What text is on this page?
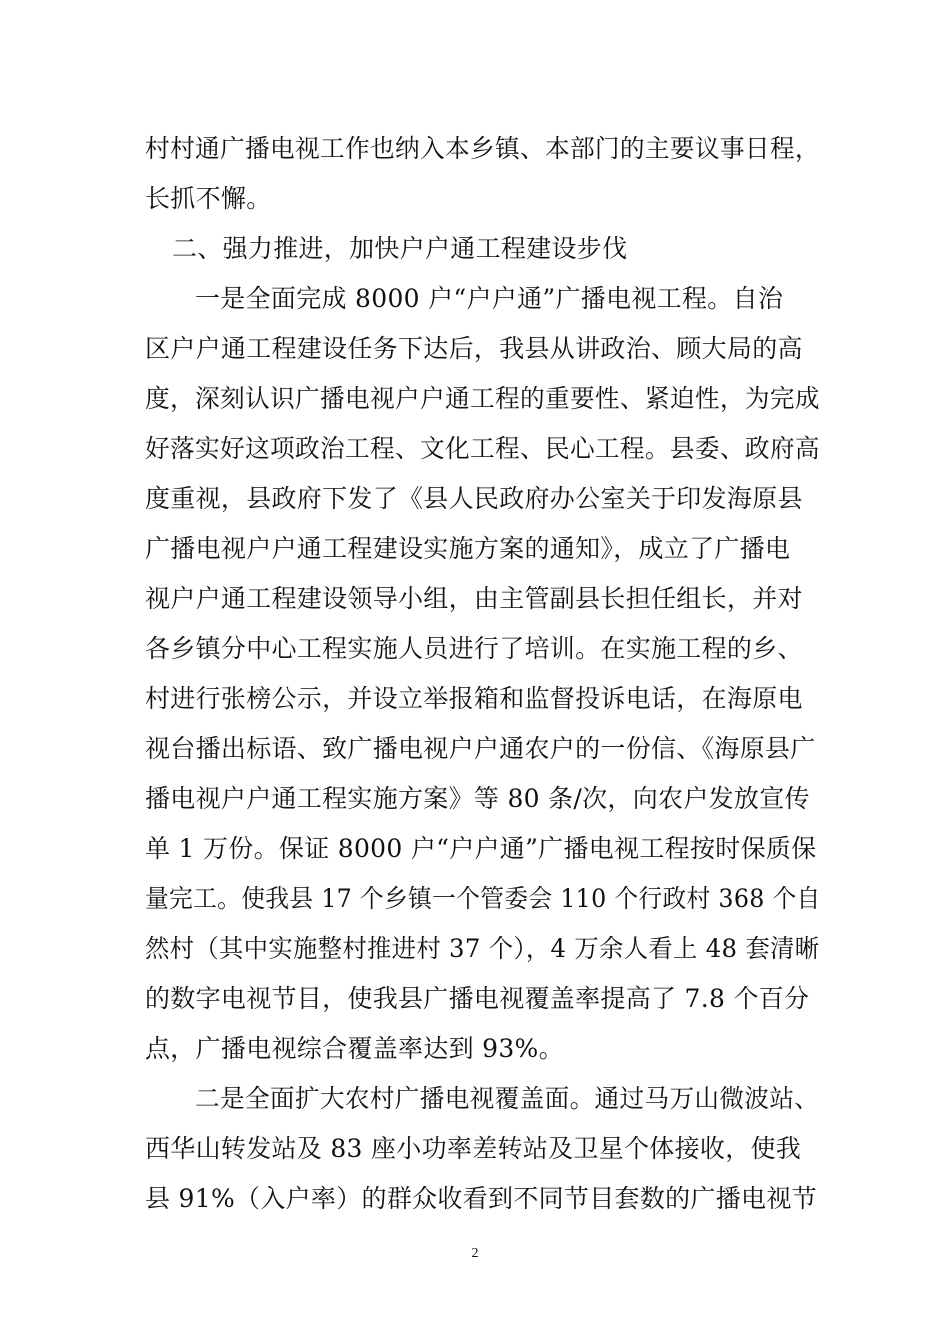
村村通广播电视工作也纳入本乡镇、本部门的主要议事日程，
长抓不懈。
二、强力推进，加快户户通工程建设步伐
一是全面完成 8000 户“户户通”广播电视工程。自治
区户户通工程建设任务下达后，我县从讲政治、顾大局的高
度，深刻认识广播电视户户通工程的重要性、紧迫性，为完成
好落实好这项政治工程、文化工程、民心工程。县委、政府高
度重视，县政府下发了《县人民政府办公室关于印发海原县
广播电视户户通工程建设实施方案的通知》，成立了广播电
视户户通工程建设领导小组，由主管副县长担任组长，并对
各乡镇分中心工程实施人员进行了培训。在实施工程的乡、
村进行张榜公示，并设立举报箱和监督投诉电话，在海原电
视台播出标语、致广播电视户户通农户的一份信、《海原县广
播电视户户通工程实施方案》等 80 条/次，向农户发放宣传
单 1 万份。保证 8000 户“户户通”广播电视工程按时保质保
量完工。使我县 17 个乡镇一个管委会 110 个行政村 368 个自
然村（其中实施整村推进村 37 个），4 万余人看上 48 套清晰
的数字电视节目，使我县广播电视覆盖率提高了 7.8 个百分
点，广播电视综合覆盖率达到 93%。
二是全面扩大农村广播电视覆盖面。通过马万山微波站、
西华山转发站及 83 座小功率差转站及卫星个体接收，使我
县 91%（入户率）的群众收看到不同节目套数的广播电视节
2
